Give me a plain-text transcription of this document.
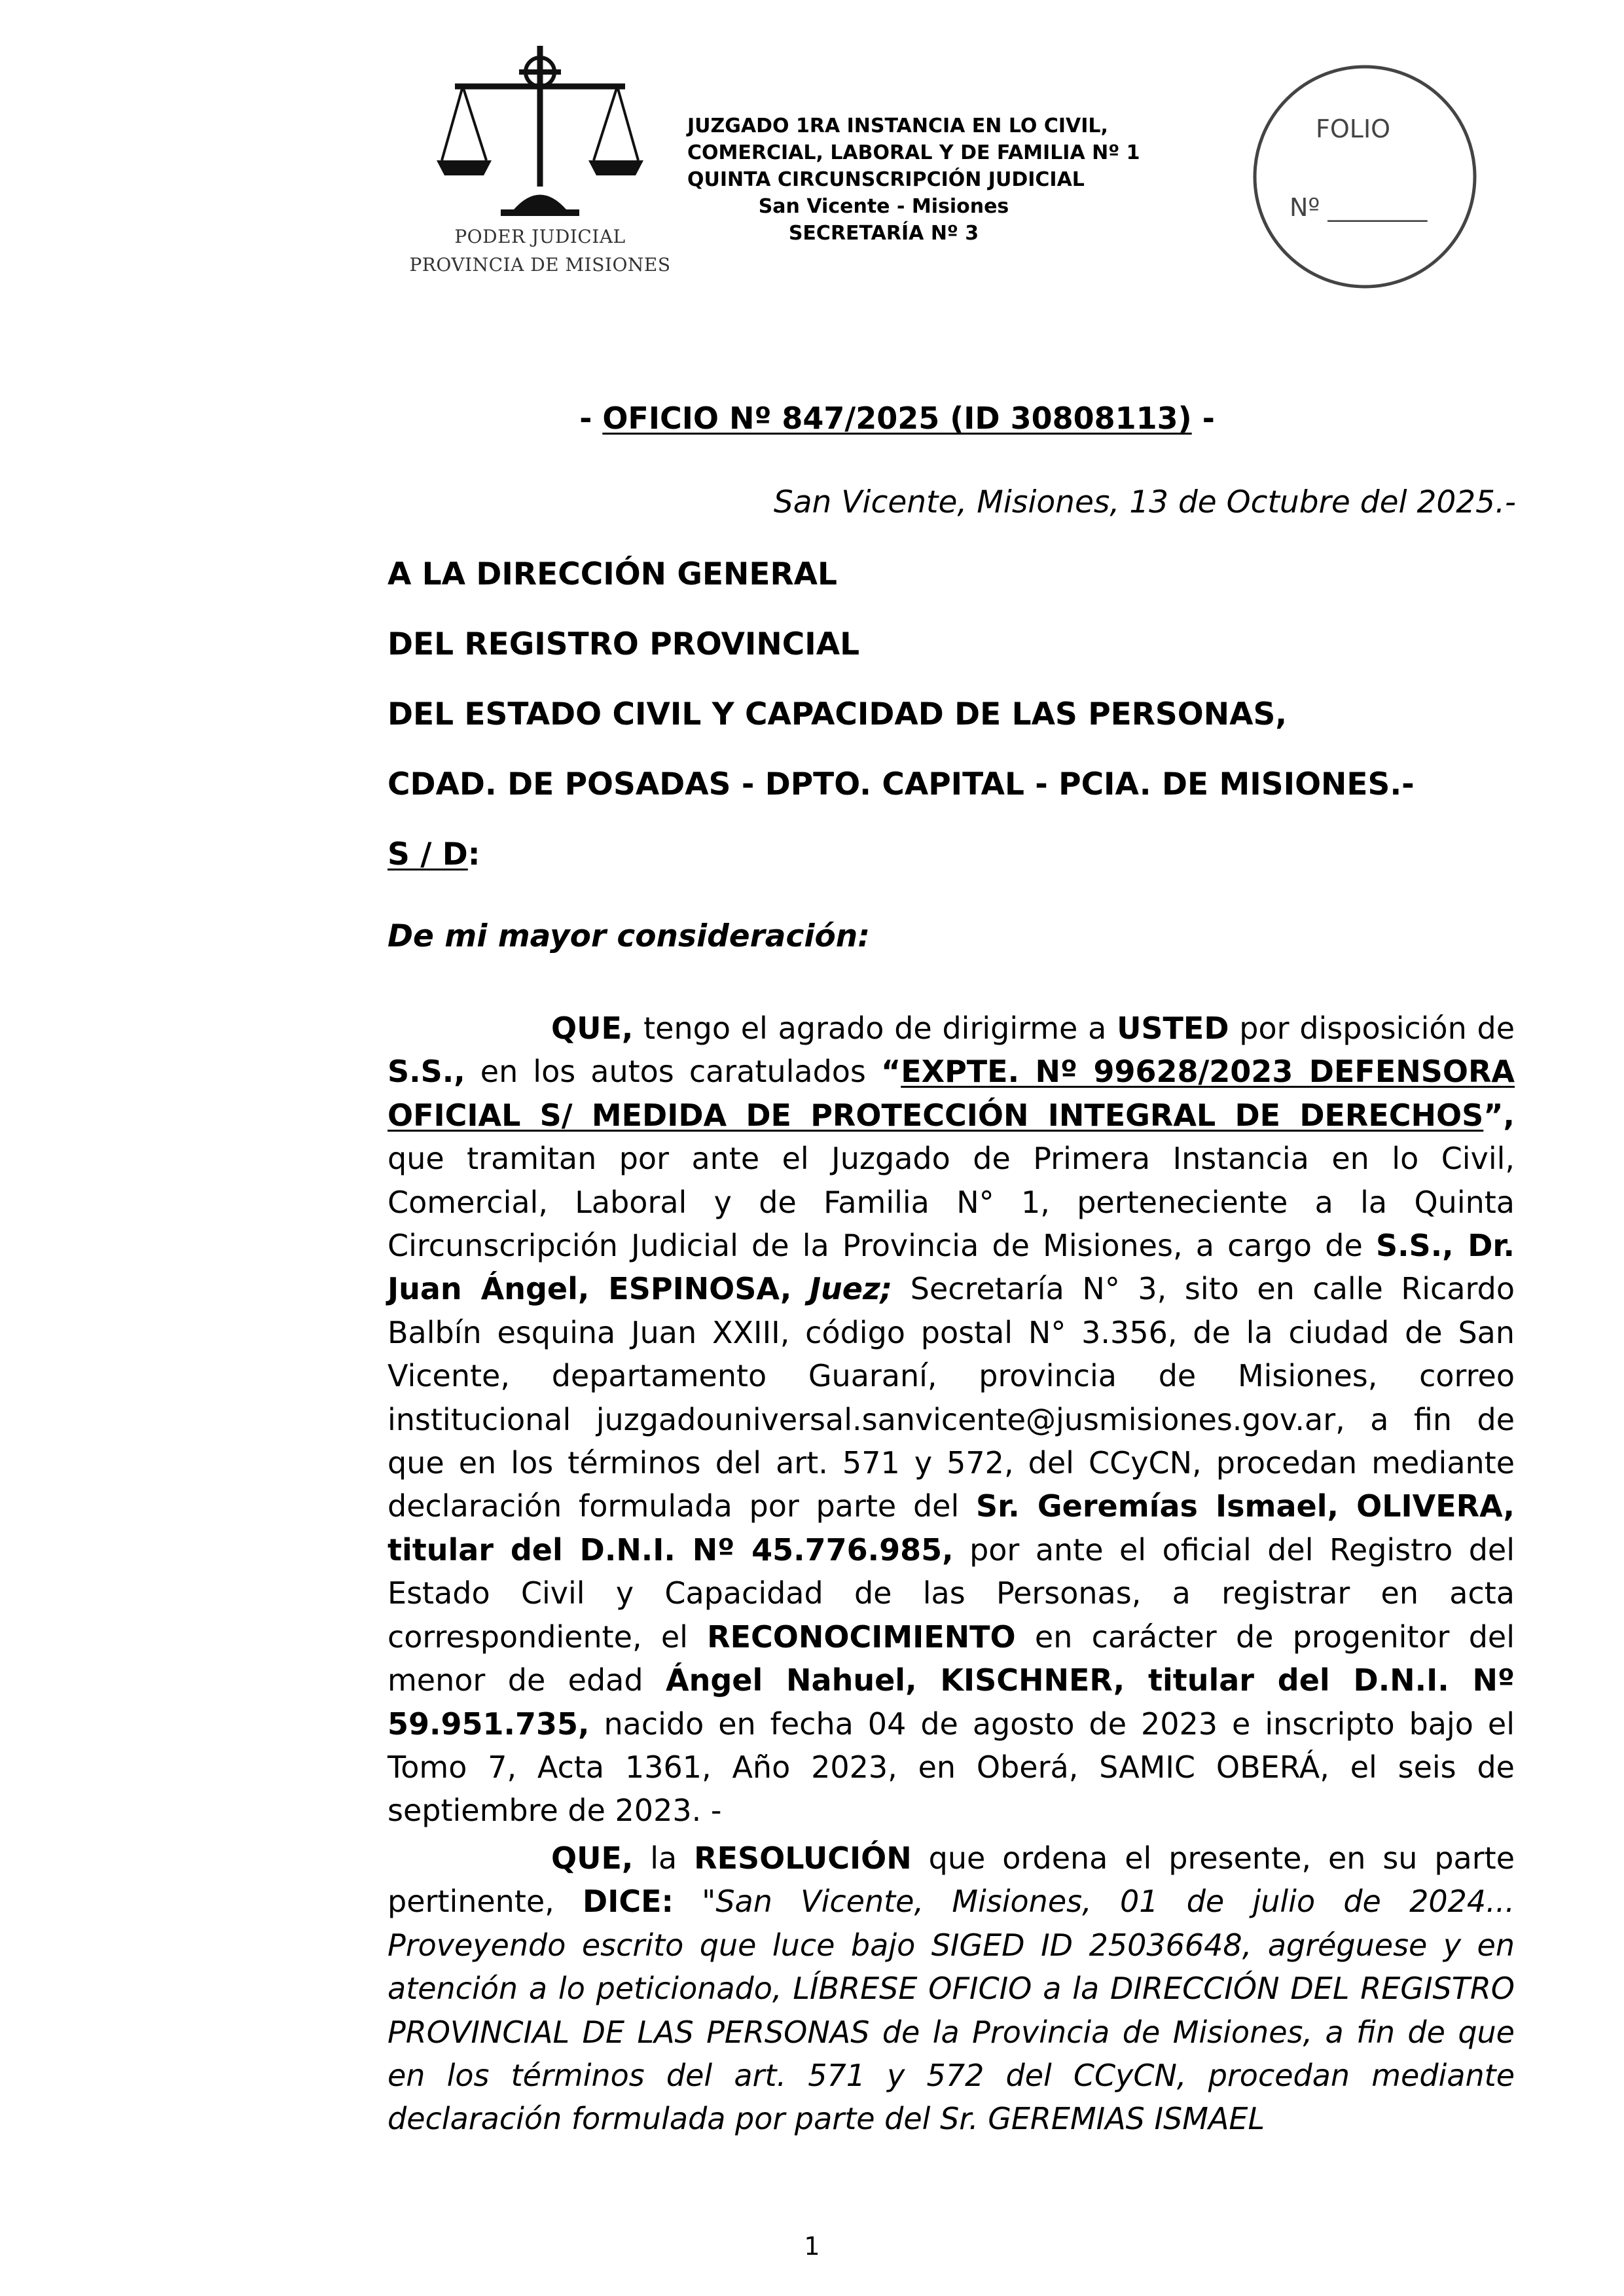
PODER JUDICIAL
PROVINCIA DE MISIONES
JUZGADO 1RA INSTANCIA EN LO CIVIL,
COMERCIAL, LABORAL Y DE FAMILIA Nº 1
QUINTA CIRCUNSCRIPCIÓN JUDICIAL
San Vicente - Misiones
SECRETARÍA Nº 3
FOLIO
Nº ________
- OFICIO Nº 847/2025 (ID 30808113) -
San Vicente, Misiones, 13 de Octubre del 2025.-
A LA DIRECCIÓN GENERAL
DEL REGISTRO PROVINCIAL
DEL ESTADO CIVIL Y CAPACIDAD DE LAS PERSONAS,
CDAD. DE POSADAS - DPTO. CAPITAL - PCIA. DE MISIONES.-
S / D:
De mi mayor consideración:

QUE, tengo el agrado de dirigirme a USTED por disposición de S.S., en los autos caratulados “EXPTE. Nº 99628/2023 DEFENSORA OFICIAL S/ MEDIDA DE PROTECCIÓN INTEGRAL DE DERECHOS”, que tramitan por ante el Juzgado de Primera Instancia en lo Civil, Comercial, Laboral y de Familia N° 1, perteneciente a la Quinta Circunscripción Judicial de la Provincia de Misiones, a cargo de S.S., Dr. Juan Ángel, ESPINOSA, Juez; Secretaría N° 3, sito en calle Ricardo Balbín esquina Juan XXIII, código postal N° 3.356, de la ciudad de San Vicente, departamento Guaraní, provincia de Misiones, correo institucional juzgadouniversal.sanvicente@jusmisiones.gov.ar, a fin de que en los términos del art. 571 y 572, del CCyCN, procedan mediante declaración formulada por parte del Sr. Geremías Ismael, OLIVERA, titular del D.N.I. Nº 45.776.985, por ante el oficial del Registro del Estado Civil y Capacidad de las Personas, a registrar en acta correspondiente, el RECONOCIMIENTO en carácter de progenitor del menor de edad Ángel Nahuel, KISCHNER, titular del D.N.I. Nº 59.951.735, nacido en fecha 04 de agosto de 2023 e inscripto bajo el Tomo 7, Acta 1361, Año 2023, en Oberá, SAMIC OBERÁ, el seis de septiembre de 2023. -

QUE, la RESOLUCIÓN que ordena el presente, en su parte pertinente, DICE: "San Vicente, Misiones, 01 de julio de 2024... Proveyendo escrito que luce bajo SIGED ID 25036648, agréguese y en atención a lo peticionado, LÍBRESE OFICIO a la DIRECCIÓN DEL REGISTRO PROVINCIAL DE LAS PERSONAS de la Provincia de Misiones, a fin de que en los términos del art. 571 y 572 del CCyCN, procedan mediante declaración formulada por parte del Sr. GEREMIAS ISMAEL

1
